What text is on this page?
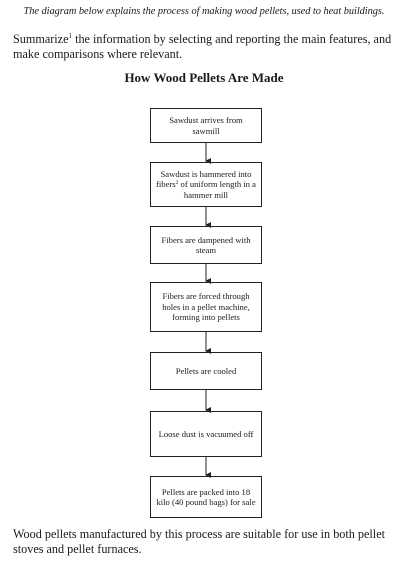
The diagram below explains the process of making wood pellets, used to heat buildings.
Summarize$^1$ the information by selecting and reporting the main features, and make comparisons where relevant.
How Wood Pellets Are Made
Sawdust arrives from sawmill
Sawdust is hammered into fibers$^2$ of uniform length in a hammer mill
Fibers are dampened with steam
Fibers are forced through holes in a pellet machine, forming into pellets
Pellets are cooled
Loose dust is vacuumed off
Pellets are packed into 18 kilo (40 pound bags) for sale
Wood pellets manufactured by this process are suitable for use in both pellet stoves and pellet furnaces.
